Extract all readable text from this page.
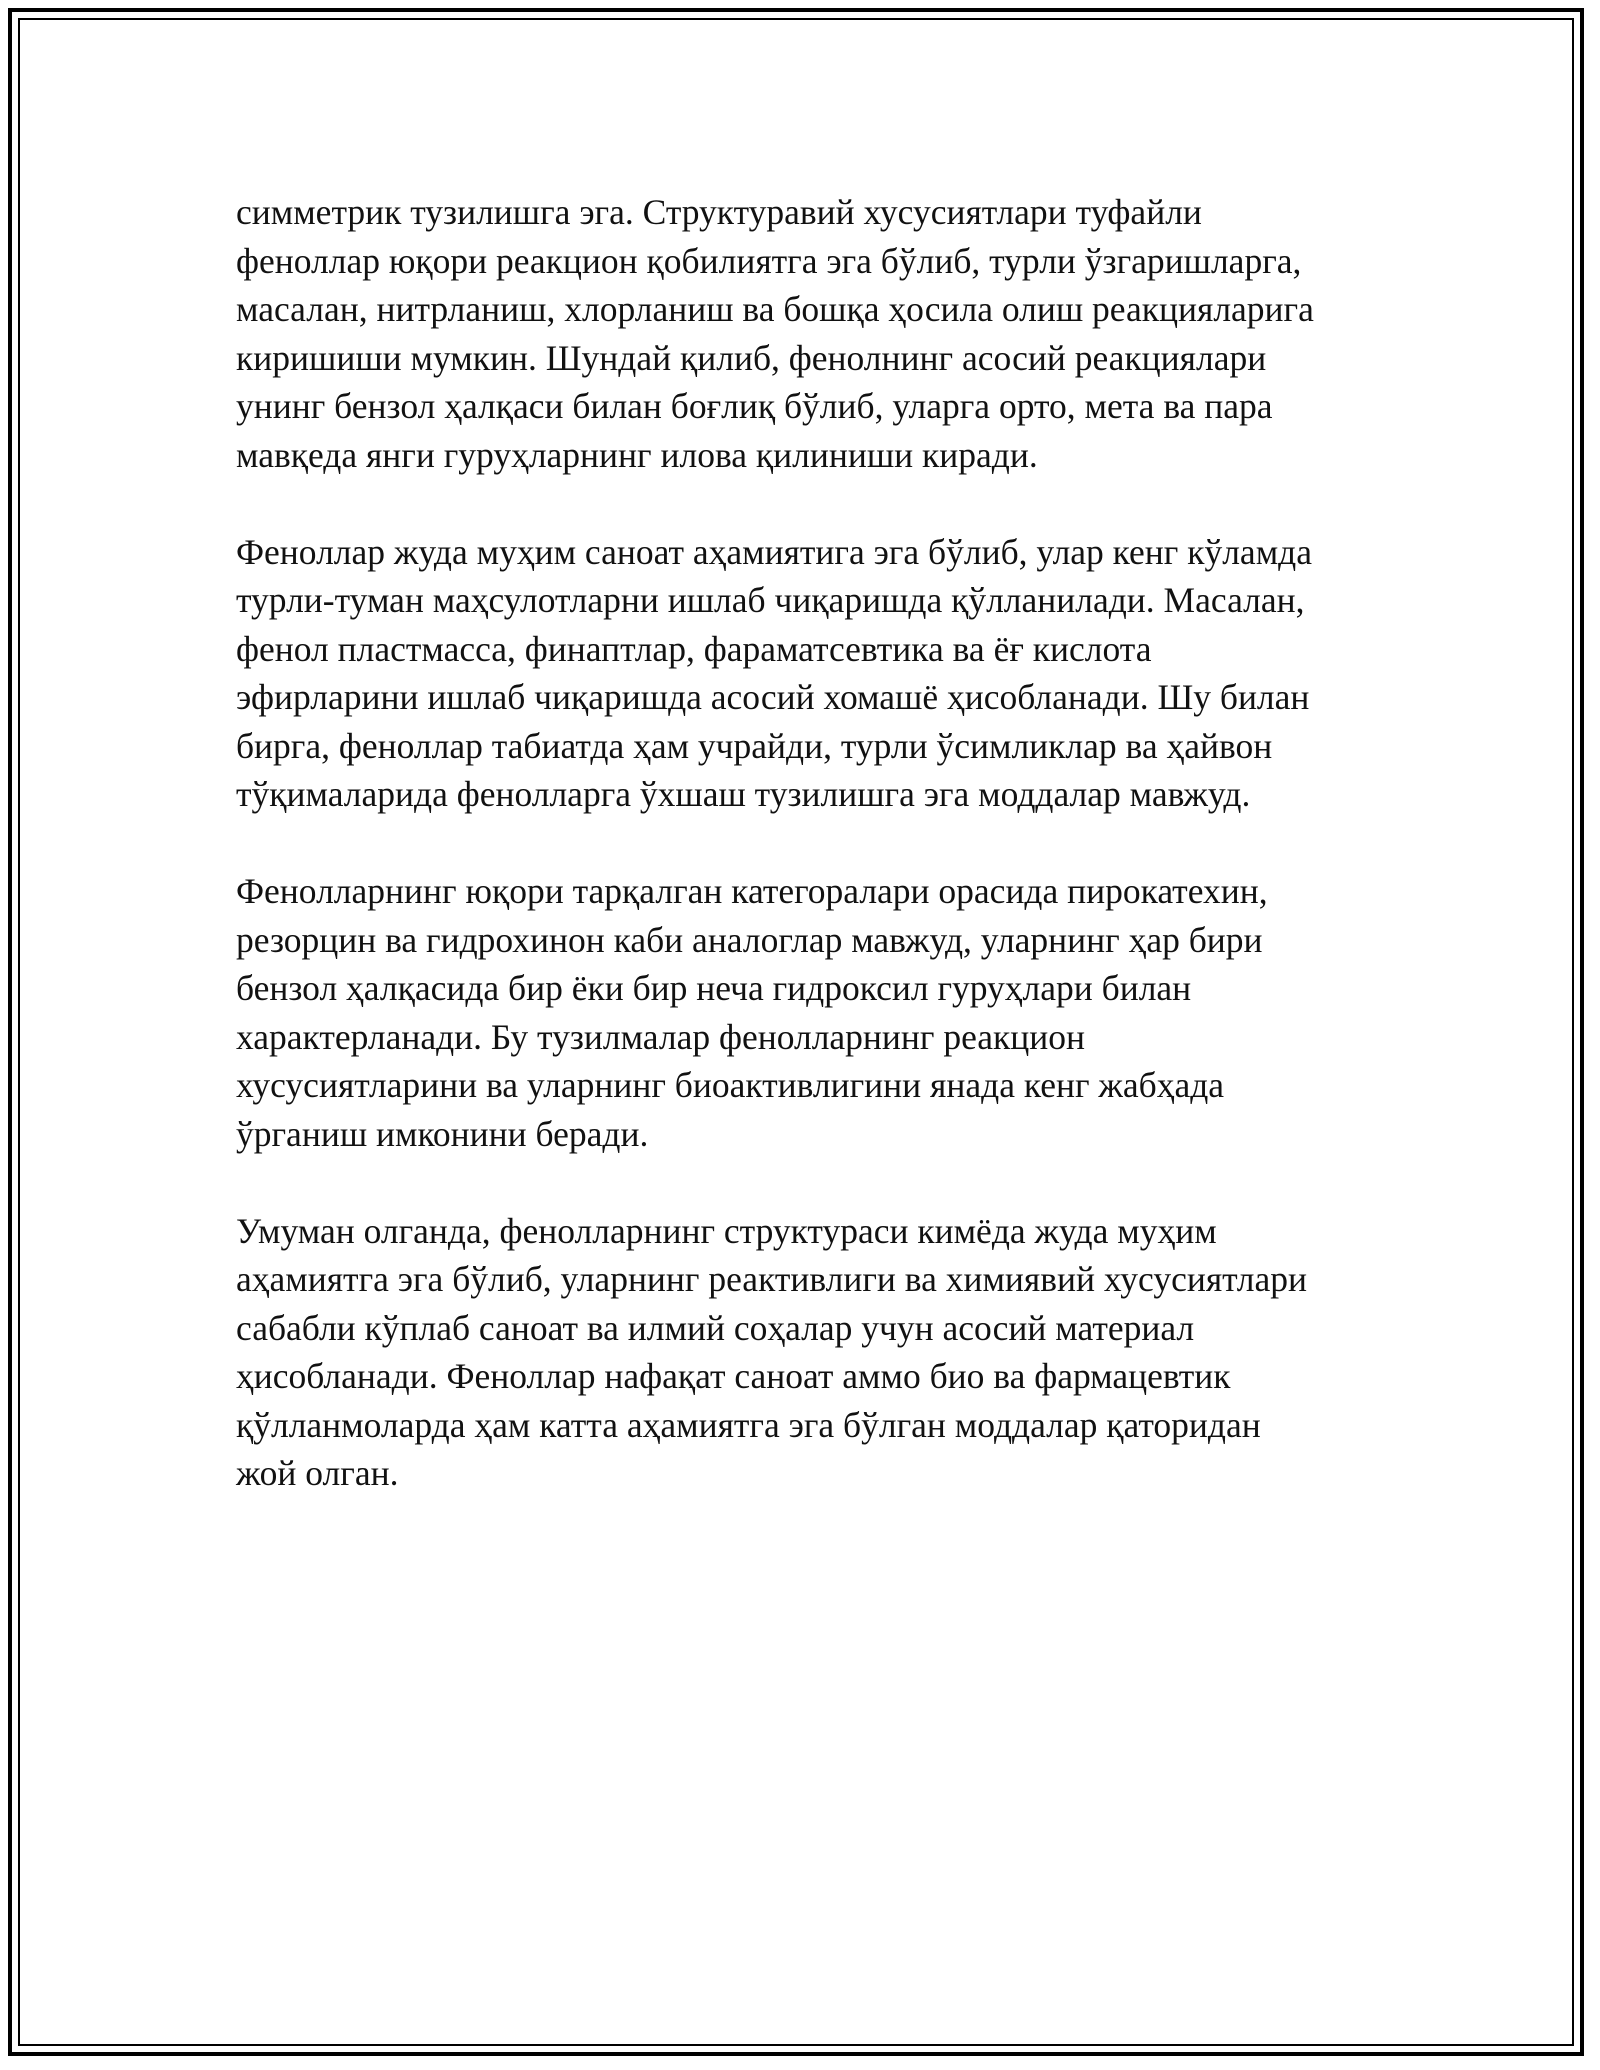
симметрик тузилишга эга. Структуравий хусусиятлари туфайли
феноллар юқори реакцион қобилиятга эга бўлиб, турли ўзгаришларга,
масалан, нитрланиш, хлорланиш ва бошқа ҳосила олиш реакцияларига
киришиши мумкин. Шундай қилиб, фенолнинг асосий реакциялари
унинг бензол ҳалқаси билан боғлиқ бўлиб, уларга орто, мета ва пара
мавқеда янги гуруҳларнинг илова қилиниши киради.

Феноллар жуда муҳим саноат аҳамиятига эга бўлиб, улар кенг кўламда
турли-туман маҳсулотларни ишлаб чиқаришда қўлланилади. Масалан,
фенол пластмасса, финаптлар, фараматсевтика ва ёғ кислота
эфирларини ишлаб чиқаришда асосий хомашё ҳисобланади. Шу билан
бирга, феноллар табиатда ҳам учрайди, турли ўсимликлар ва ҳайвон
тўқималарида фенолларга ўхшаш тузилишга эга моддалар мавжуд.

Фенолларнинг юқори тарқалган категоралари орасида пирокатехин,
резорцин ва гидрохинон каби аналоглар мавжуд, уларнинг ҳар бири
бензол ҳалқасида бир ёки бир неча гидроксил гуруҳлари билан
характерланади. Бу тузилмалар фенолларнинг реакцион
хусусиятларини ва уларнинг биоактивлигини янада кенг жабҳада
ўрганиш имконини беради.

Умуман олганда, фенолларнинг структураси кимёда жуда муҳим
аҳамиятга эга бўлиб, уларнинг реактивлиги ва химиявий хусусиятлари
сабабли кўплаб саноат ва илмий соҳалар учун асосий материал
ҳисобланади. Феноллар нафақат саноат аммо био ва фармацевтик
қўлланмоларда ҳам катта аҳамиятга эга бўлган моддалар қаторидан
жой олган.
